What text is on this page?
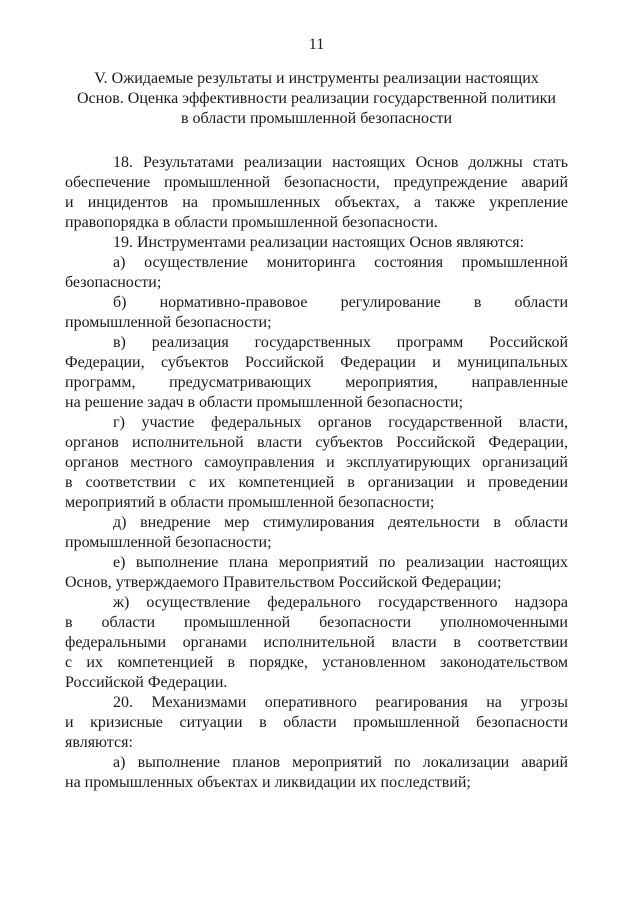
11
V. Ожидаемые результаты и инструменты реализации настоящих
Основ. Оценка эффективности реализации государственной политики
в области промышленной безопасности
18. Результатами реализации настоящих Основ должны стать
обеспечение промышленной безопасности, предупреждение аварий
и инцидентов на промышленных объектах, а также укрепление
правопорядка в области промышленной безопасности.
19. Инструментами реализации настоящих Основ являются:
а) осуществление мониторинга состояния промышленной
безопасности;
б) нормативно-правовое регулирование в области
промышленной безопасности;
в) реализация государственных программ Российской
Федерации, субъектов Российской Федерации и муниципальных
программ, предусматривающих мероприятия, направленные
на решение задач в области промышленной безопасности;
г) участие федеральных органов государственной власти,
органов исполнительной власти субъектов Российской Федерации,
органов местного самоуправления и эксплуатирующих организаций
в соответствии с их компетенцией в организации и проведении
мероприятий в области промышленной безопасности;
д) внедрение мер стимулирования деятельности в области
промышленной безопасности;
е) выполнение плана мероприятий по реализации настоящих
Основ, утверждаемого Правительством Российской Федерации;
ж) осуществление федерального государственного надзора
в области промышленной безопасности уполномоченными
федеральными органами исполнительной власти в соответствии
с их компетенцией в порядке, установленном законодательством
Российской Федерации.
20. Механизмами оперативного реагирования на угрозы
и кризисные ситуации в области промышленной безопасности
являются:
а) выполнение планов мероприятий по локализации аварий
на промышленных объектах и ликвидации их последствий;
